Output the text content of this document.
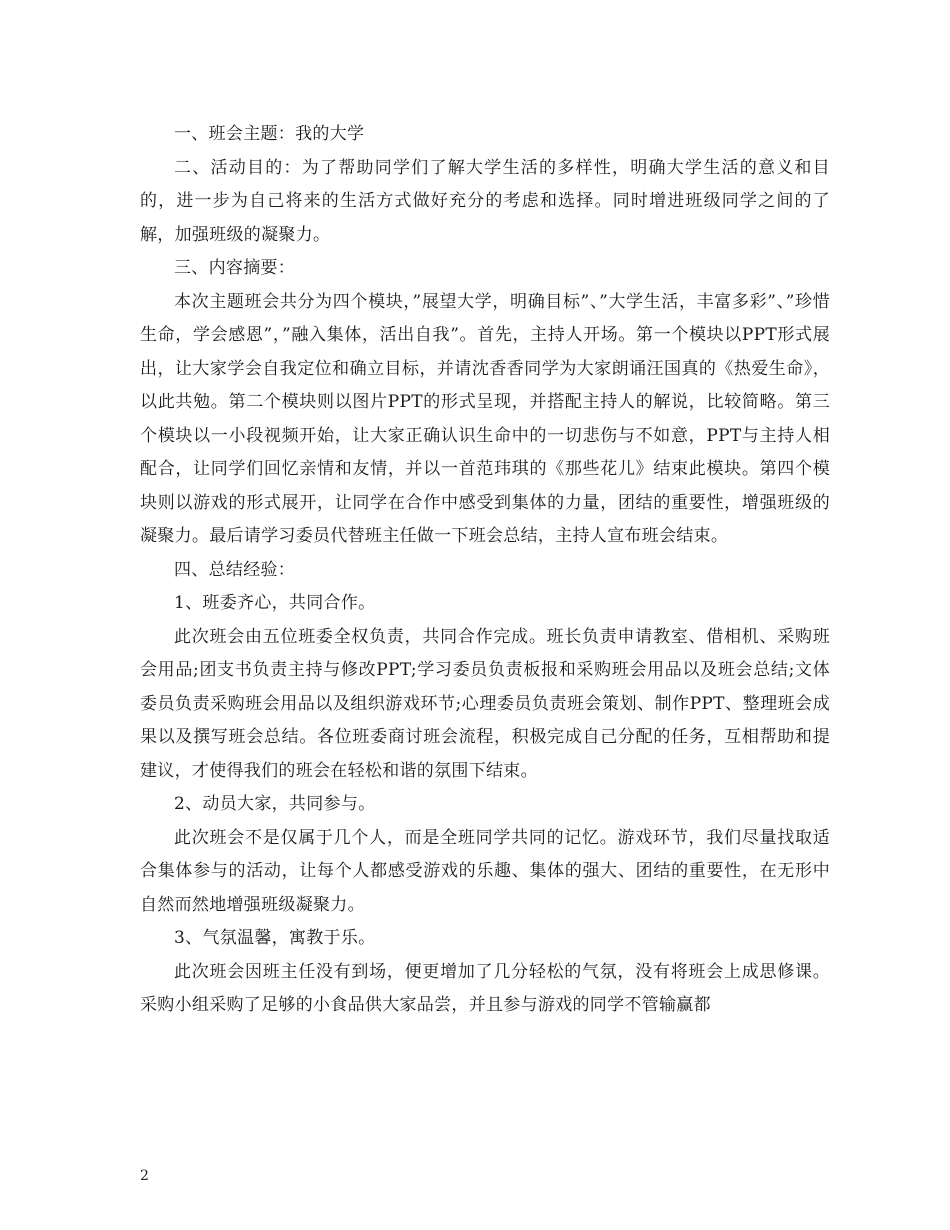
一、班会主题：我的大学

二、活动目的：为了帮助同学们了解大学生活的多样性，明确大学生活的意义和目的，进一步为自己将来的生活方式做好充分的考虑和选择。同时增进班级同学之间的了解，加强班级的凝聚力。

三、内容摘要：

本次主题班会共分为四个模块，”展望大学，明确目标”、”大学生活，丰富多彩”、”珍惜生命，学会感恩”，”融入集体，活出自我”。首先，主持人开场。第一个模块以PPT形式展出，让大家学会自我定位和确立目标，并请沈香香同学为大家朗诵汪国真的《热爱生命》，以此共勉。第二个模块则以图片PPT的形式呈现，并搭配主持人的解说，比较简略。第三个模块以一小段视频开始，让大家正确认识生命中的一切悲伤与不如意，PPT与主持人相配合，让同学们回忆亲情和友情，并以一首范玮琪的《那些花儿》结束此模块。第四个模块则以游戏的形式展开，让同学在合作中感受到集体的力量，团结的重要性，增强班级的凝聚力。最后请学习委员代替班主任做一下班会总结，主持人宣布班会结束。

四、总结经验：

1、班委齐心，共同合作。

此次班会由五位班委全权负责，共同合作完成。班长负责申请教室、借相机、采购班会用品;团支书负责主持与修改PPT;学习委员负责板报和采购班会用品以及班会总结;文体委员负责采购班会用品以及组织游戏环节;心理委员负责班会策划、制作PPT、整理班会成果以及撰写班会总结。各位班委商讨班会流程，积极完成自己分配的任务，互相帮助和提建议，才使得我们的班会在轻松和谐的氛围下结束。

2、动员大家，共同参与。

此次班会不是仅属于几个人，而是全班同学共同的记忆。游戏环节，我们尽量找取适合集体参与的活动，让每个人都感受游戏的乐趣、集体的强大、团结的重要性，在无形中自然而然地增强班级凝聚力。

3、气氛温馨，寓教于乐。

此次班会因班主任没有到场，便更增加了几分轻松的气氛，没有将班会上成思修课。采购小组采购了足够的小食品供大家品尝，并且参与游戏的同学不管输赢都

2
